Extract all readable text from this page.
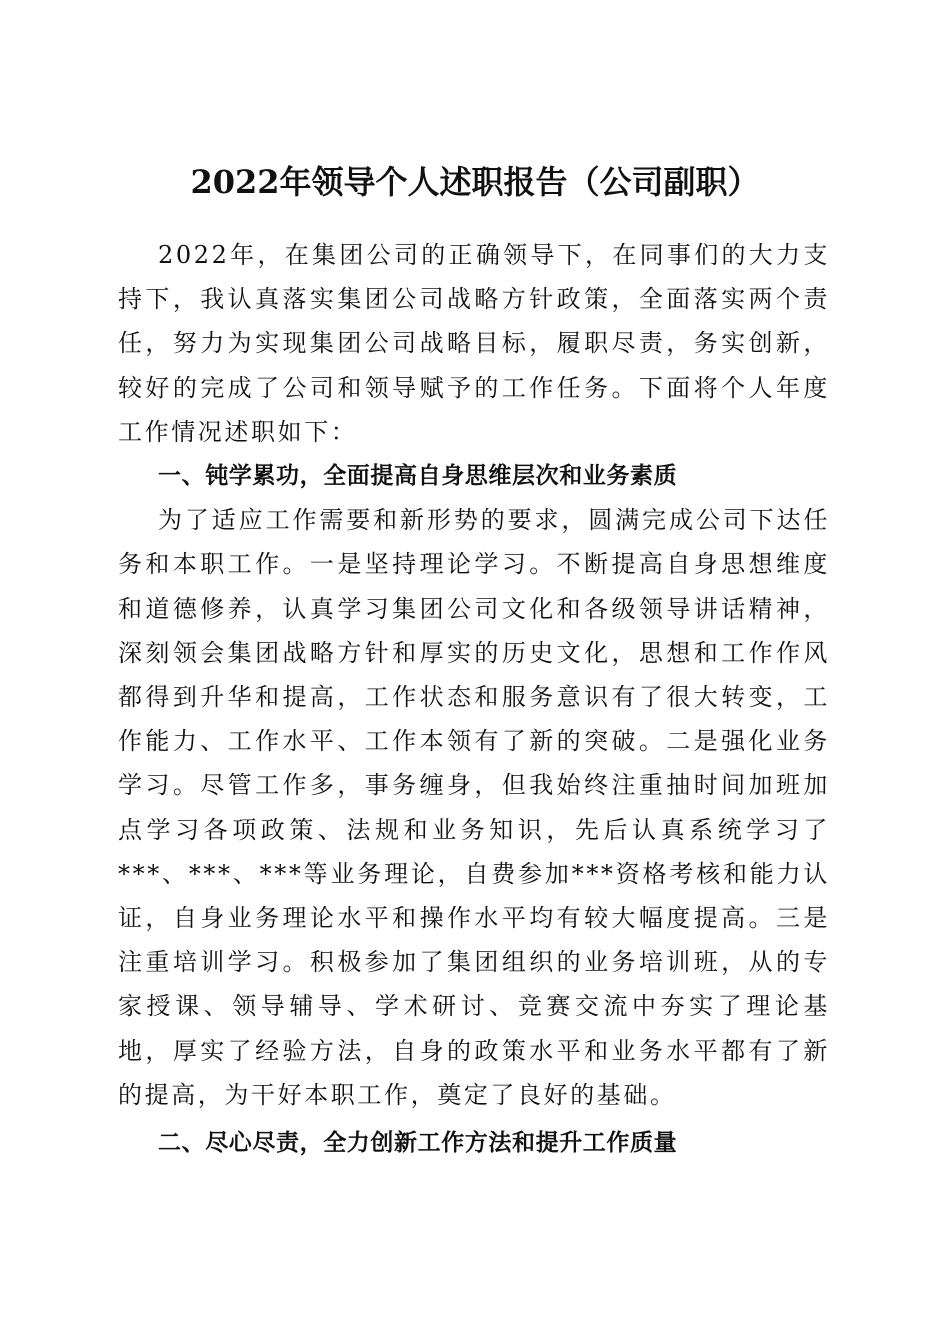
2022年领导个人述职报告（公司副职）

2022年，在集团公司的正确领导下，在同事们的大力支持下，我认真落实集团公司战略方针政策，全面落实两个责任，努力为实现集团公司战略目标，履职尽责，务实创新，较好的完成了公司和领导赋予的工作任务。下面将个人年度工作情况述职如下：

一、钝学累功，全面提高自身思维层次和业务素质

为了适应工作需要和新形势的要求，圆满完成公司下达任务和本职工作。一是坚持理论学习。不断提高自身思想维度和道德修养，认真学习集团公司文化和各级领导讲话精神，深刻领会集团战略方针和厚实的历史文化，思想和工作作风都得到升华和提高，工作状态和服务意识有了很大转变，工作能力、工作水平、工作本领有了新的突破。二是强化业务学习。尽管工作多，事务缠身，但我始终注重抽时间加班加点学习各项政策、法规和业务知识，先后认真系统学习了***、***、***等业务理论，自费参加***资格考核和能力认证，自身业务理论水平和操作水平均有较大幅度提高。三是注重培训学习。积极参加了集团组织的业务培训班，从的专家授课、领导辅导、学术研讨、竞赛交流中夯实了理论基地，厚实了经验方法，自身的政策水平和业务水平都有了新的提高，为干好本职工作，奠定了良好的基础。

二、尽心尽责，全力创新工作方法和提升工作质量
